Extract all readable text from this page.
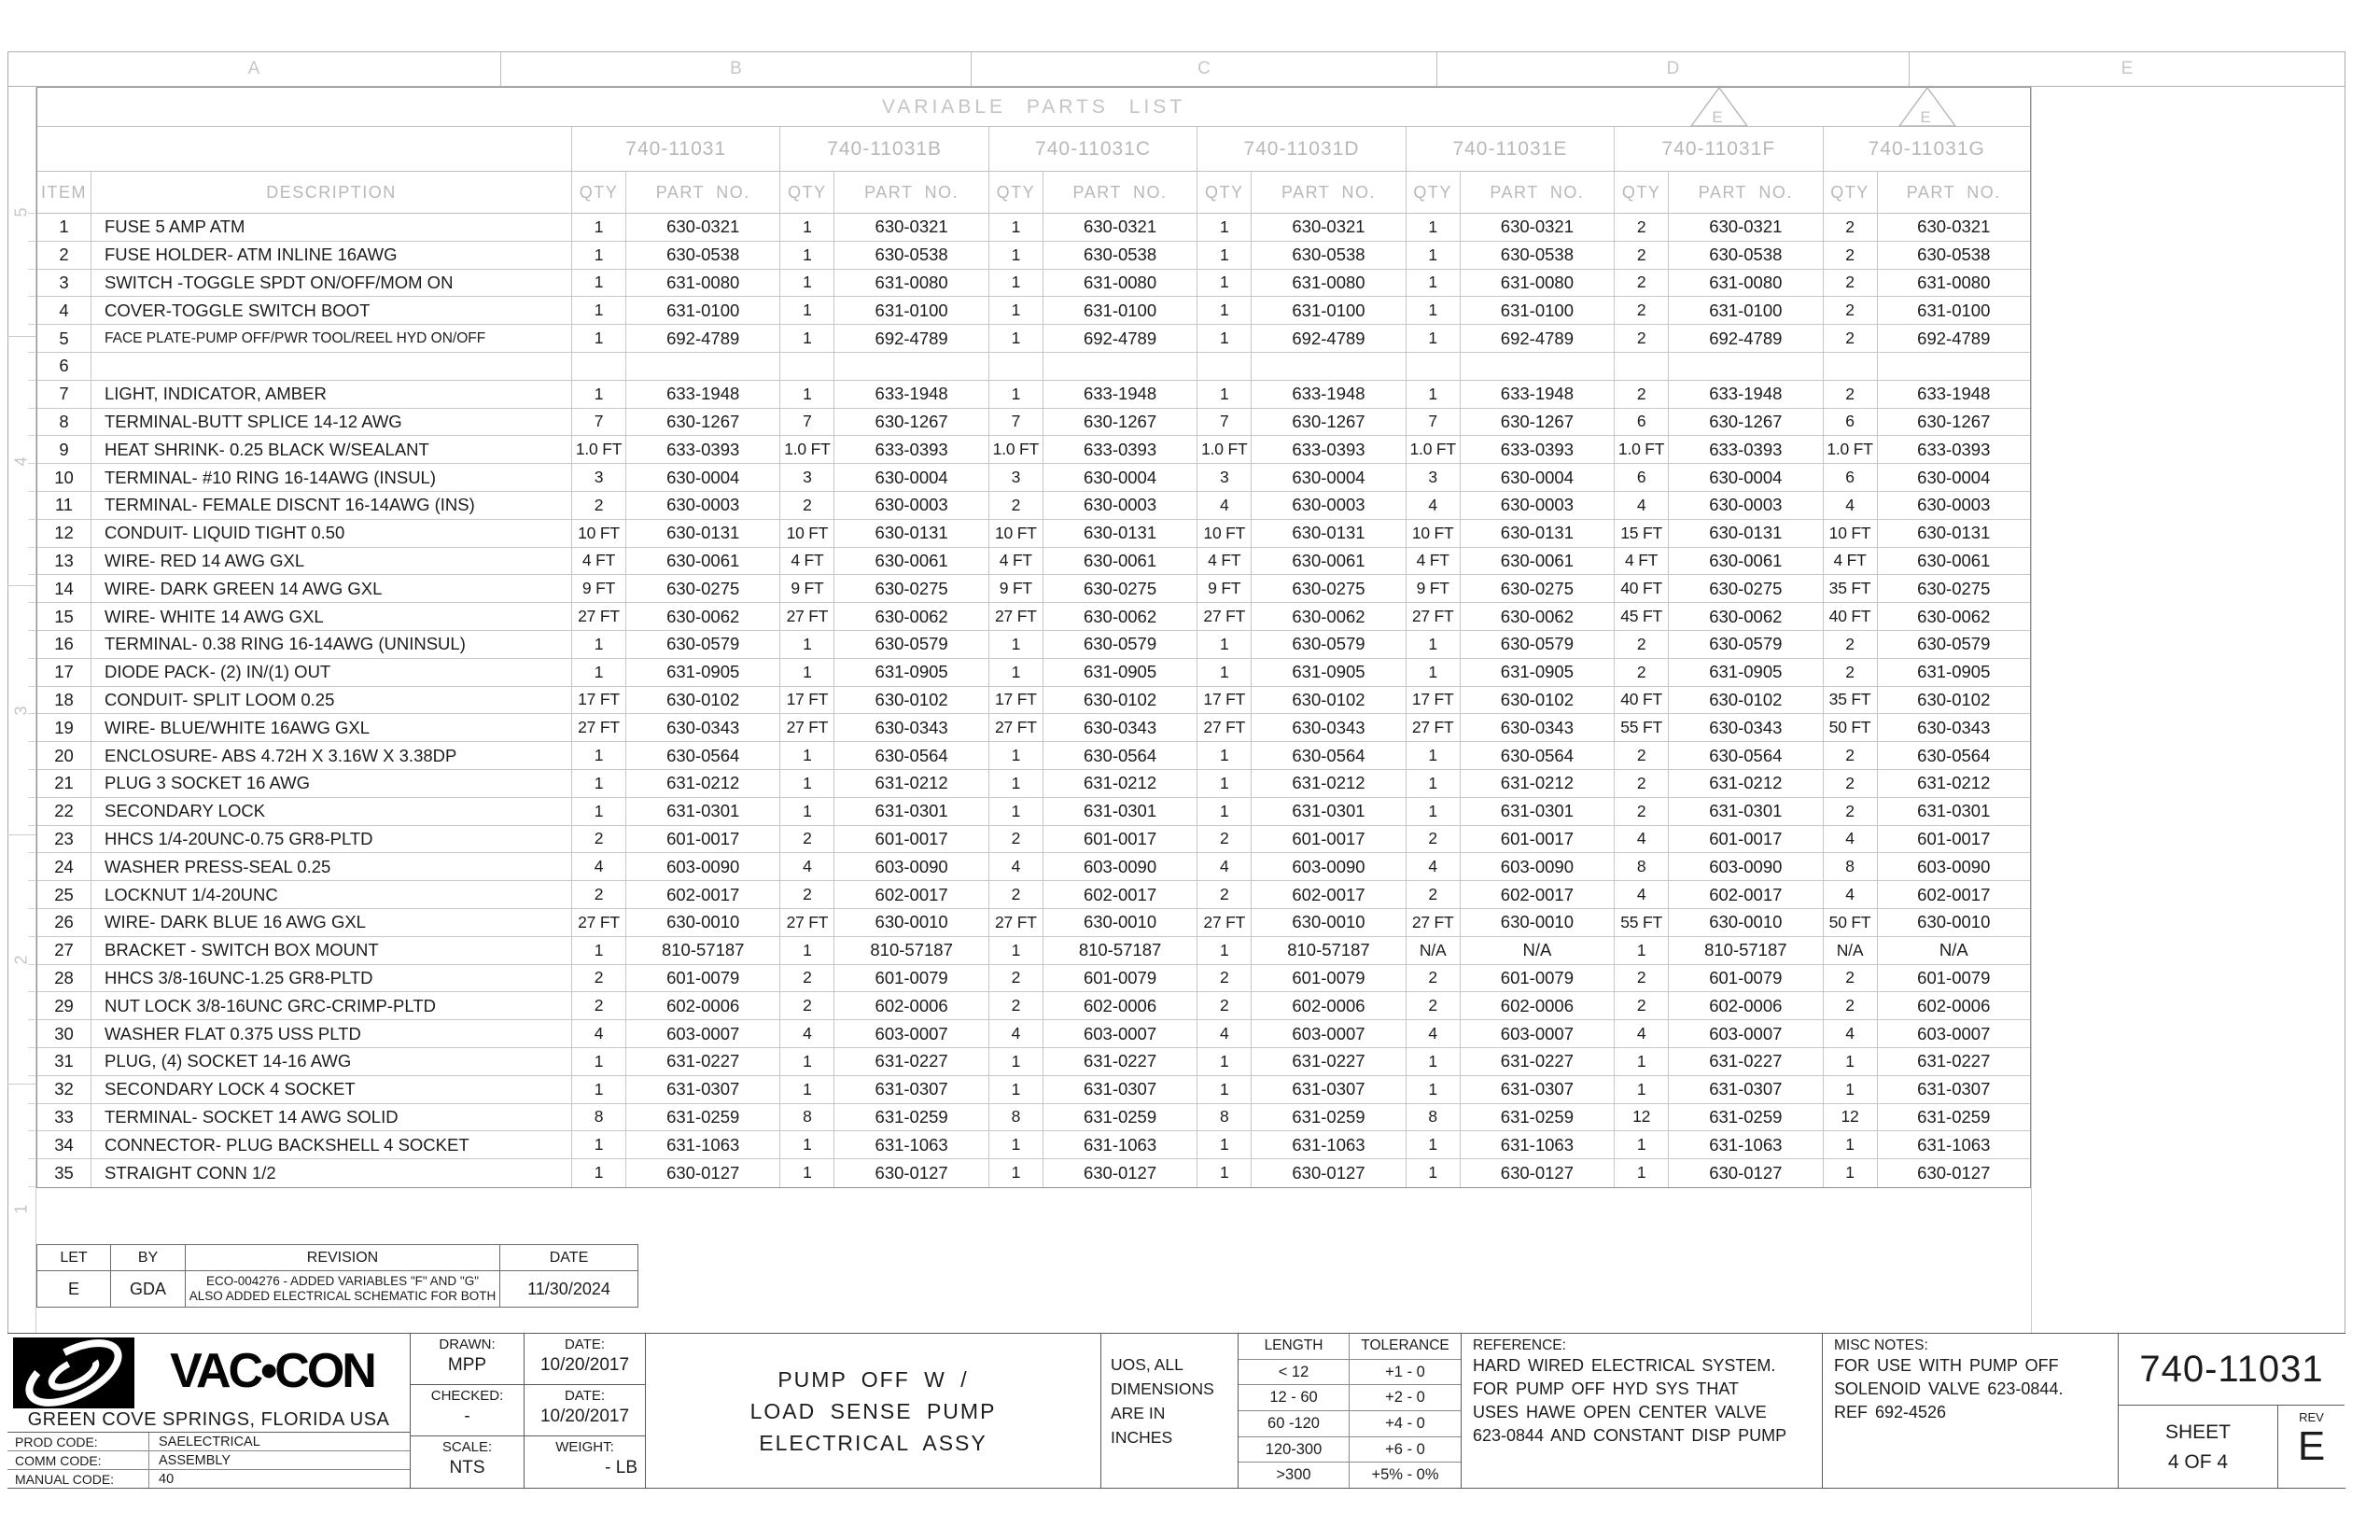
A	B	C	D	E
5
4
3
2
1
VARIABLE PARTS LIST	E	E
740-11031	740-11031B	740-11031C	740-11031D	740-11031E	740-11031F	740-11031G
ITEM	DESCRIPTION	QTY	PART NO.	QTY	PART NO.	QTY	PART NO.	QTY	PART NO.	QTY	PART NO.	QTY	PART NO.	QTY	PART NO.
1	FUSE 5 AMP ATM	1	630-0321	1	630-0321	1	630-0321	1	630-0321	1	630-0321	2	630-0321	2	630-0321
2	FUSE HOLDER- ATM INLINE 16AWG	1	630-0538	1	630-0538	1	630-0538	1	630-0538	1	630-0538	2	630-0538	2	630-0538
3	SWITCH -TOGGLE SPDT ON/OFF/MOM ON	1	631-0080	1	631-0080	1	631-0080	1	631-0080	1	631-0080	2	631-0080	2	631-0080
4	COVER-TOGGLE SWITCH BOOT	1	631-0100	1	631-0100	1	631-0100	1	631-0100	1	631-0100	2	631-0100	2	631-0100
5	FACE PLATE-PUMP OFF/PWR TOOL/REEL HYD ON/OFF	1	692-4789	1	692-4789	1	692-4789	1	692-4789	1	692-4789	2	692-4789	2	692-4789
6
7	LIGHT, INDICATOR, AMBER	1	633-1948	1	633-1948	1	633-1948	1	633-1948	1	633-1948	2	633-1948	2	633-1948
8	TERMINAL-BUTT SPLICE 14-12 AWG	7	630-1267	7	630-1267	7	630-1267	7	630-1267	7	630-1267	6	630-1267	6	630-1267
9	HEAT SHRINK- 0.25 BLACK W/SEALANT	1.0 FT	633-0393	1.0 FT	633-0393	1.0 FT	633-0393	1.0 FT	633-0393	1.0 FT	633-0393	1.0 FT	633-0393	1.0 FT	633-0393
10	TERMINAL- #10 RING 16-14AWG (INSUL)	3	630-0004	3	630-0004	3	630-0004	3	630-0004	3	630-0004	6	630-0004	6	630-0004
11	TERMINAL- FEMALE DISCNT 16-14AWG (INS)	2	630-0003	2	630-0003	2	630-0003	4	630-0003	4	630-0003	4	630-0003	4	630-0003
12	CONDUIT- LIQUID TIGHT 0.50	10 FT	630-0131	10 FT	630-0131	10 FT	630-0131	10 FT	630-0131	10 FT	630-0131	15 FT	630-0131	10 FT	630-0131
13	WIRE- RED 14 AWG GXL	4 FT	630-0061	4 FT	630-0061	4 FT	630-0061	4 FT	630-0061	4 FT	630-0061	4 FT	630-0061	4 FT	630-0061
14	WIRE- DARK GREEN 14 AWG GXL	9 FT	630-0275	9 FT	630-0275	9 FT	630-0275	9 FT	630-0275	9 FT	630-0275	40 FT	630-0275	35 FT	630-0275
15	WIRE- WHITE 14 AWG GXL	27 FT	630-0062	27 FT	630-0062	27 FT	630-0062	27 FT	630-0062	27 FT	630-0062	45 FT	630-0062	40 FT	630-0062
16	TERMINAL- 0.38 RING 16-14AWG (UNINSUL)	1	630-0579	1	630-0579	1	630-0579	1	630-0579	1	630-0579	2	630-0579	2	630-0579
17	DIODE PACK- (2) IN/(1) OUT	1	631-0905	1	631-0905	1	631-0905	1	631-0905	1	631-0905	2	631-0905	2	631-0905
18	CONDUIT- SPLIT LOOM 0.25	17 FT	630-0102	17 FT	630-0102	17 FT	630-0102	17 FT	630-0102	17 FT	630-0102	40 FT	630-0102	35 FT	630-0102
19	WIRE- BLUE/WHITE 16AWG GXL	27 FT	630-0343	27 FT	630-0343	27 FT	630-0343	27 FT	630-0343	27 FT	630-0343	55 FT	630-0343	50 FT	630-0343
20	ENCLOSURE- ABS 4.72H X 3.16W X 3.38DP	1	630-0564	1	630-0564	1	630-0564	1	630-0564	1	630-0564	2	630-0564	2	630-0564
21	PLUG 3 SOCKET 16 AWG	1	631-0212	1	631-0212	1	631-0212	1	631-0212	1	631-0212	2	631-0212	2	631-0212
22	SECONDARY LOCK	1	631-0301	1	631-0301	1	631-0301	1	631-0301	1	631-0301	2	631-0301	2	631-0301
23	HHCS 1/4-20UNC-0.75 GR8-PLTD	2	601-0017	2	601-0017	2	601-0017	2	601-0017	2	601-0017	4	601-0017	4	601-0017
24	WASHER PRESS-SEAL 0.25	4	603-0090	4	603-0090	4	603-0090	4	603-0090	4	603-0090	8	603-0090	8	603-0090
25	LOCKNUT 1/4-20UNC	2	602-0017	2	602-0017	2	602-0017	2	602-0017	2	602-0017	4	602-0017	4	602-0017
26	WIRE- DARK BLUE 16 AWG GXL	27 FT	630-0010	27 FT	630-0010	27 FT	630-0010	27 FT	630-0010	27 FT	630-0010	55 FT	630-0010	50 FT	630-0010
27	BRACKET - SWITCH BOX MOUNT	1	810-57187	1	810-57187	1	810-57187	1	810-57187	N/A	N/A	1	810-57187	N/A	N/A
28	HHCS 3/8-16UNC-1.25 GR8-PLTD	2	601-0079	2	601-0079	2	601-0079	2	601-0079	2	601-0079	2	601-0079	2	601-0079
29	NUT LOCK 3/8-16UNC GRC-CRIMP-PLTD	2	602-0006	2	602-0006	2	602-0006	2	602-0006	2	602-0006	2	602-0006	2	602-0006
30	WASHER FLAT 0.375 USS PLTD	4	603-0007	4	603-0007	4	603-0007	4	603-0007	4	603-0007	4	603-0007	4	603-0007
31	PLUG, (4) SOCKET 14-16 AWG	1	631-0227	1	631-0227	1	631-0227	1	631-0227	1	631-0227	1	631-0227	1	631-0227
32	SECONDARY LOCK 4 SOCKET	1	631-0307	1	631-0307	1	631-0307	1	631-0307	1	631-0307	1	631-0307	1	631-0307
33	TERMINAL- SOCKET 14 AWG SOLID	8	631-0259	8	631-0259	8	631-0259	8	631-0259	8	631-0259	12	631-0259	12	631-0259
34	CONNECTOR- PLUG BACKSHELL 4 SOCKET	1	631-1063	1	631-1063	1	631-1063	1	631-1063	1	631-1063	1	631-1063	1	631-1063
35	STRAIGHT CONN 1/2	1	630-0127	1	630-0127	1	630-0127	1	630-0127	1	630-0127	1	630-0127	1	630-0127
LET	BY	REVISION	DATE
E	GDA	ECO-004276 - ADDED VARIABLES "F" AND "G"
ALSO ADDED ELECTRICAL SCHEMATIC FOR BOTH	11/30/2024
VAC•CON
GREEN COVE SPRINGS, FLORIDA USA
PROD CODE:	SAELECTRICAL
COMM CODE:	ASSEMBLY
MANUAL CODE:	40
DRAWN:
MPP
DATE:
10/20/2017
CHECKED:
-
DATE:
10/20/2017
SCALE:
NTS
WEIGHT:
- LB
PUMP OFF W /
LOAD SENSE PUMP
ELECTRICAL ASSY
UOS, ALL
DIMENSIONS
ARE IN
INCHES
LENGTH	TOLERANCE
< 12	+1 - 0
12 - 60	+2 - 0
60 -120	+4 - 0
120-300	+6 - 0
>300	+5% - 0%
REFERENCE:
HARD WIRED ELECTRICAL SYSTEM.
FOR PUMP OFF HYD SYS THAT
USES HAWE OPEN CENTER VALVE
623-0844 AND CONSTANT DISP PUMP
MISC NOTES:
FOR USE WITH PUMP OFF
SOLENOID VALVE 623-0844.
REF 692-4526
740-11031
SHEET
4 OF 4
REV
E
